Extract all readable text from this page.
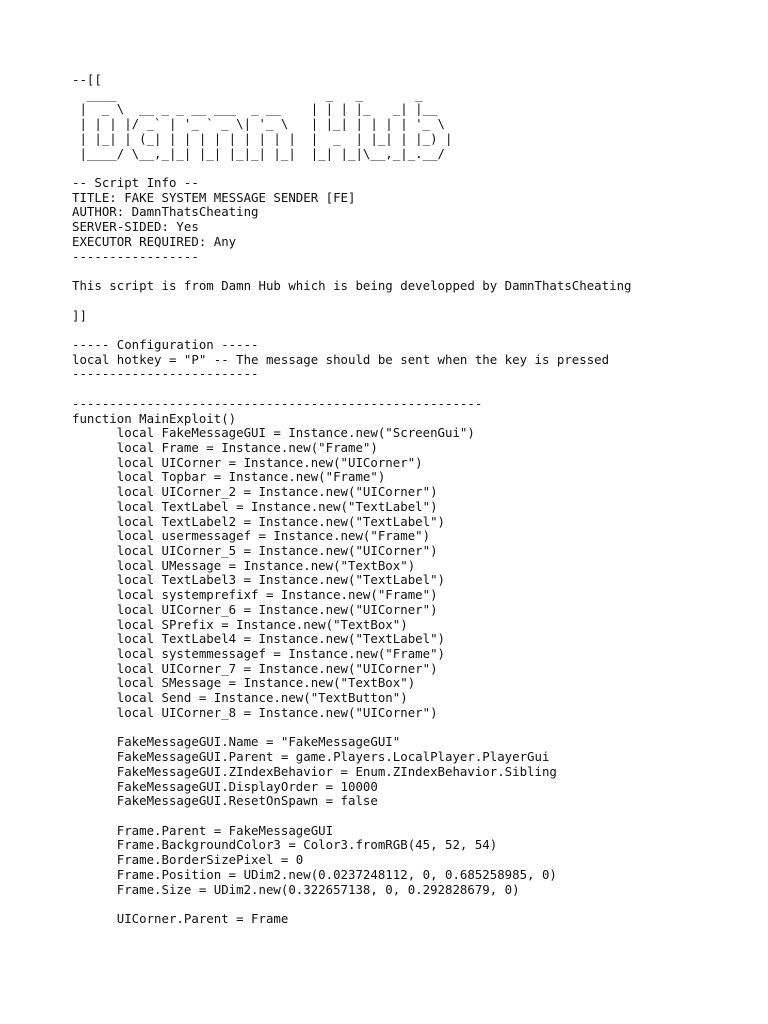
--[[
____                            _   _       _
|  _ \  __ _ _ __ ___  _ __    | | | |_   _| |__
| | | |/ _` | '_ ` _ \| '_ \   | |_| | | | | '_ \
| |_| | (_| | | | | | | | | |  |  _  | |_| | |_) |
|____/ \__,_|_| |_| |_|_| |_|  |_| |_|\__,_|_.__/
-- Script Info --
TITLE: FAKE SYSTEM MESSAGE SENDER [FE]
AUTHOR: DamnThatsCheating
SERVER-SIDED: Yes
EXECUTOR REQUIRED: Any
-----------------
This script is from Damn Hub which is being developped by DamnThatsCheating
]]
----- Configuration -----
local hotkey = "P" -- The message should be sent when the key is pressed
-------------------------
-------------------------------------------------------
function MainExploit()
local FakeMessageGUI = Instance.new("ScreenGui")
local Frame = Instance.new("Frame")
local UICorner = Instance.new("UICorner")
local Topbar = Instance.new("Frame")
local UICorner_2 = Instance.new("UICorner")
local TextLabel = Instance.new("TextLabel")
local TextLabel2 = Instance.new("TextLabel")
local usermessagef = Instance.new("Frame")
local UICorner_5 = Instance.new("UICorner")
local UMessage = Instance.new("TextBox")
local TextLabel3 = Instance.new("TextLabel")
local systemprefixf = Instance.new("Frame")
local UICorner_6 = Instance.new("UICorner")
local SPrefix = Instance.new("TextBox")
local TextLabel4 = Instance.new("TextLabel")
local systemmessagef = Instance.new("Frame")
local UICorner_7 = Instance.new("UICorner")
local SMessage = Instance.new("TextBox")
local Send = Instance.new("TextButton")
local UICorner_8 = Instance.new("UICorner")
FakeMessageGUI.Name = "FakeMessageGUI"
FakeMessageGUI.Parent = game.Players.LocalPlayer.PlayerGui
FakeMessageGUI.ZIndexBehavior = Enum.ZIndexBehavior.Sibling
FakeMessageGUI.DisplayOrder = 10000
FakeMessageGUI.ResetOnSpawn = false
Frame.Parent = FakeMessageGUI
Frame.BackgroundColor3 = Color3.fromRGB(45, 52, 54)
Frame.BorderSizePixel = 0
Frame.Position = UDim2.new(0.0237248112, 0, 0.685258985, 0)
Frame.Size = UDim2.new(0.322657138, 0, 0.292828679, 0)
UICorner.Parent = Frame
